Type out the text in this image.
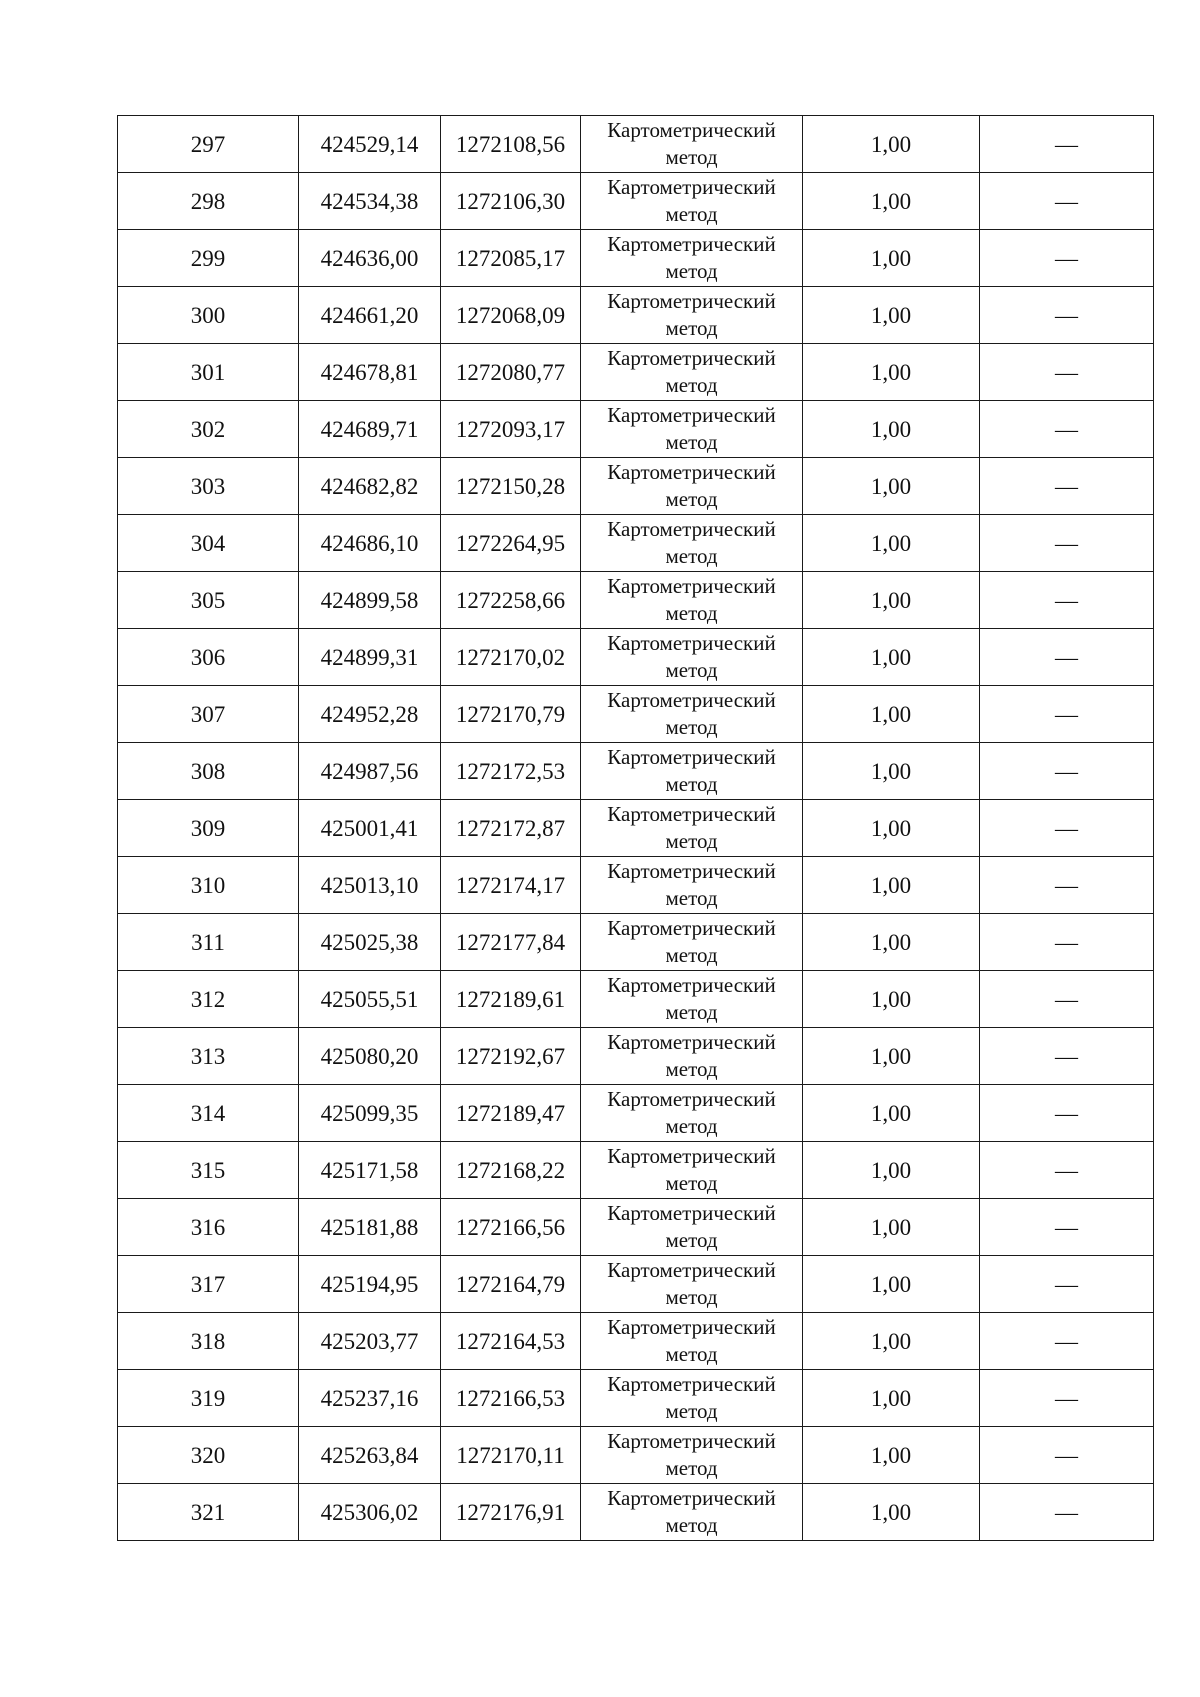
297	424529,14	1272108,56	Картометрический
метод	1,00	—
298	424534,38	1272106,30	Картометрический
метод	1,00	—
299	424636,00	1272085,17	Картометрический
метод	1,00	—
300	424661,20	1272068,09	Картометрический
метод	1,00	—
301	424678,81	1272080,77	Картометрический
метод	1,00	—
302	424689,71	1272093,17	Картометрический
метод	1,00	—
303	424682,82	1272150,28	Картометрический
метод	1,00	—
304	424686,10	1272264,95	Картометрический
метод	1,00	—
305	424899,58	1272258,66	Картометрический
метод	1,00	—
306	424899,31	1272170,02	Картометрический
метод	1,00	—
307	424952,28	1272170,79	Картометрический
метод	1,00	—
308	424987,56	1272172,53	Картометрический
метод	1,00	—
309	425001,41	1272172,87	Картометрический
метод	1,00	—
310	425013,10	1272174,17	Картометрический
метод	1,00	—
311	425025,38	1272177,84	Картометрический
метод	1,00	—
312	425055,51	1272189,61	Картометрический
метод	1,00	—
313	425080,20	1272192,67	Картометрический
метод	1,00	—
314	425099,35	1272189,47	Картометрический
метод	1,00	—
315	425171,58	1272168,22	Картометрический
метод	1,00	—
316	425181,88	1272166,56	Картометрический
метод	1,00	—
317	425194,95	1272164,79	Картометрический
метод	1,00	—
318	425203,77	1272164,53	Картометрический
метод	1,00	—
319	425237,16	1272166,53	Картометрический
метод	1,00	—
320	425263,84	1272170,11	Картометрический
метод	1,00	—
321	425306,02	1272176,91	Картометрический
метод	1,00	—
